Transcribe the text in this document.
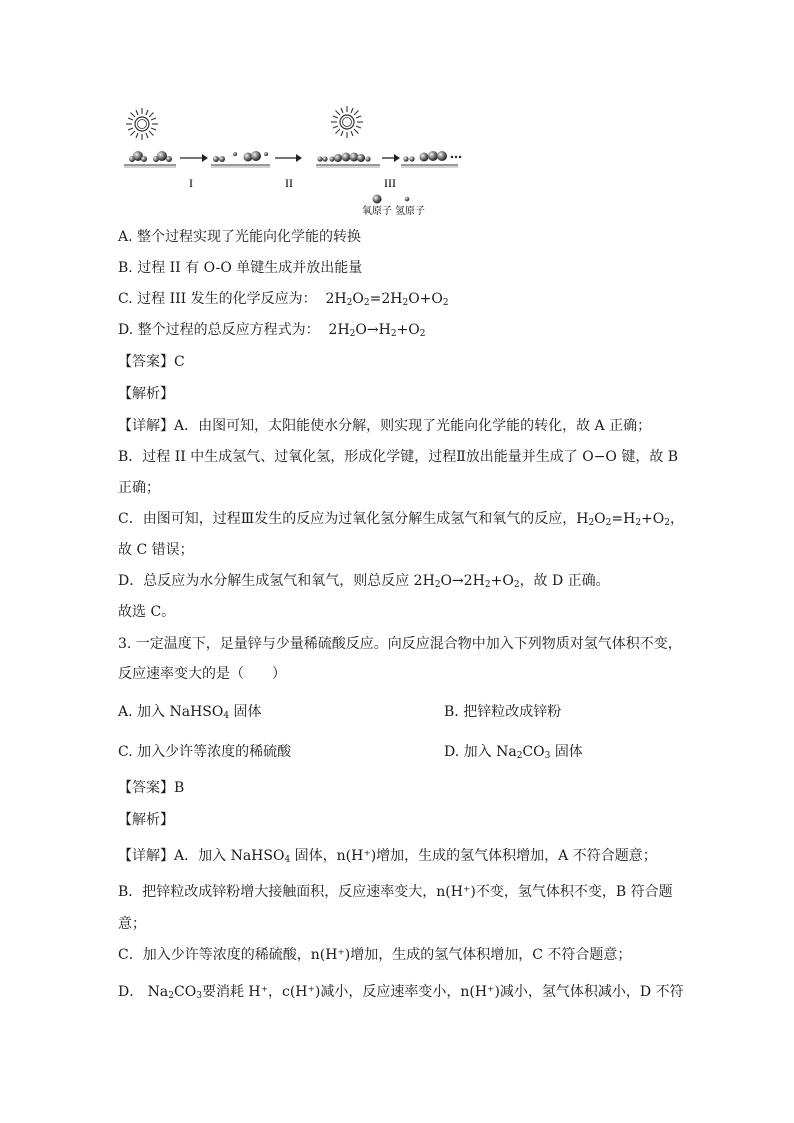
I	II	III
氧原子 氢原子
A. 整个过程实现了光能向化学能的转换
B. 过程 II 有 O-O 单键生成并放出能量
C. 过程 III 发生的化学反应为：  $2H_2O_2=2H_2O+O_2$
D. 整个过程的总反应方程式为：  $2H_2O\to H_2+O_2$
【答案】C
【解析】
【详解】A．由图可知，太阳能使水分解，则实现了光能向化学能的转化，故 A 正确；
B．过程 II 中生成氢气、过氧化氢，形成化学键，过程Ⅱ放出能量并生成了 O−O 键，故 B
正确；
C．由图可知，过程Ⅲ发生的反应为过氧化氢分解生成氢气和氧气的反应，$H_2O_2=H_2+O_2$，
故 C 错误；
D．总反应为水分解生成氢气和氧气，则总反应 $2H_2O\to 2H_2+O_2$，故 D 正确。
故选 C。
3. 一定温度下，足量锌与少量稀硫酸反应。向反应混合物中加入下列物质对氢气体积不变，
反应速率变大的是（　　）
A. 加入 NaHSO$_4$ 固体	B. 把锌粒改成锌粉
C. 加入少许等浓度的稀硫酸	D. 加入 $Na_2CO_3$ 固体
【答案】B
【解析】
【详解】A．加入 NaHSO$_4$ 固体，n(H⁺)增加，生成的氢气体积增加，A 不符合题意；
B．把锌粒改成锌粉增大接触面积，反应速率变大，n(H⁺)不变，氢气体积不变，B 符合题
意；
C．加入少许等浓度的稀硫酸，n(H⁺)增加，生成的氢气体积增加，C 不符合题意；
D． $Na_2CO_3$要消耗 H⁺，c(H⁺)减小，反应速率变小，n(H⁺)减小，氢气体积减小，D 不符
